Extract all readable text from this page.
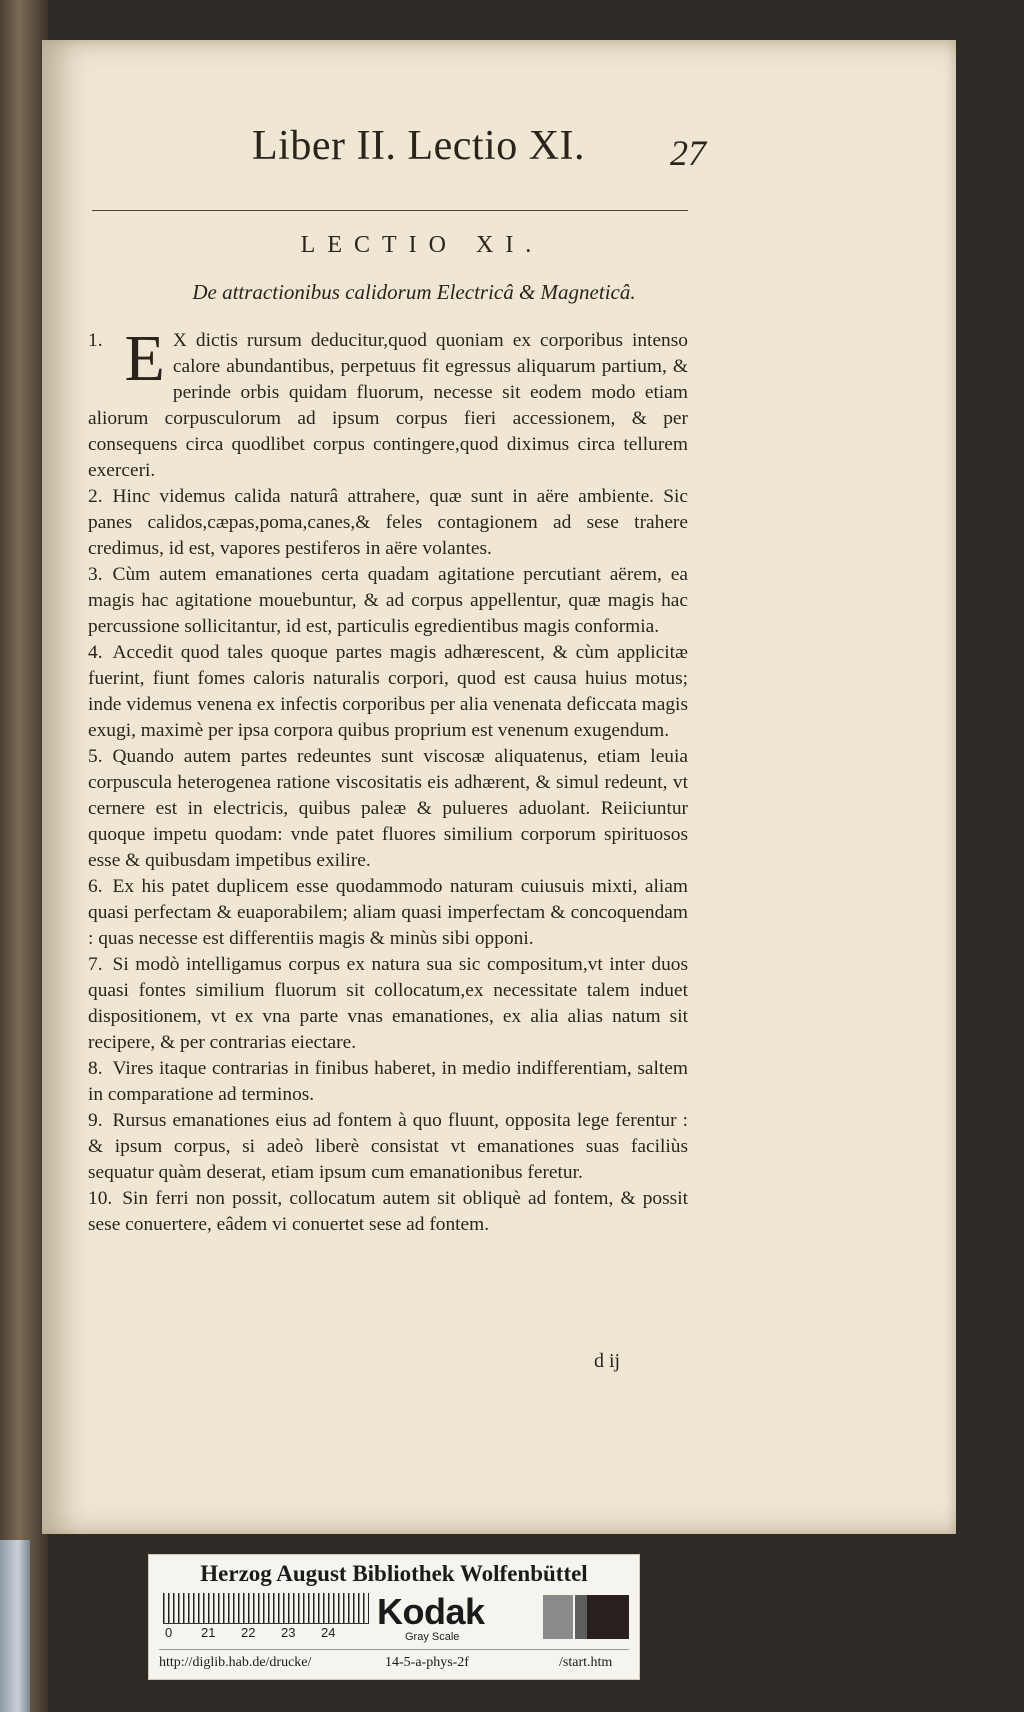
Liber II. Lectio XI. 27
LECTIO XI.
De attractionibus calidorum Electricâ & Magneticâ.

1. E X dictis rursum deducitur,quod quoniam ex corporibus intenso calore abundantibus, perpetuus fit egressus aliquarum partium, & perinde orbis quidam fluorum, necesse sit eodem modo etiam aliorum corpusculorum ad ipsum corpus fieri accessionem, & per consequens circa quodlibet corpus contingere,quod diximus circa tellurem exerceri.

2. Hinc videmus calida naturâ attrahere, quæ sunt in aëre ambiente. Sic panes calidos,cæpas,poma,canes,& feles contagionem ad sese trahere credimus, id est, vapores pestiferos in aëre volantes.

3. Cùm autem emanationes certa quadam agitatione percutiant aërem, ea magis hac agitatione mouebuntur, & ad corpus appellentur, quæ magis hac percussione sollicitantur, id est, particulis egredientibus magis conformia.

4. Accedit quod tales quoque partes magis adhærescent, & cùm applicitæ fuerint, fiunt fomes caloris naturalis corpori, quod est causa huius motus; inde videmus venena ex infectis corporibus per alia venenata deficcata magis exugi, maximè per ipsa corpora quibus proprium est venenum exugendum.

5. Quando autem partes redeuntes sunt viscosæ aliquatenus, etiam leuia corpuscula heterogenea ratione viscositatis eis adhærent, & simul redeunt, vt cernere est in electricis, quibus paleæ & pulueres aduolant. Reiiciuntur quoque impetu quodam: vnde patet fluores similium corporum spirituosos esse & quibusdam impetibus exilire.

6. Ex his patet duplicem esse quodammodo naturam cuiusuis mixti, aliam quasi perfectam & euaporabilem; aliam quasi imperfectam & concoquendam : quas necesse est differentiis magis & minùs sibi opponi.

7. Si modò intelligamus corpus ex natura sua sic compositum,vt inter duos quasi fontes similium fluorum sit collocatum,ex necessitate talem induet dispositionem, vt ex vna parte vnas emanationes, ex alia alias natum sit recipere, & per contrarias eiectare.

8. Vires itaque contrarias in finibus haberet, in medio indifferentiam, saltem in comparatione ad terminos.

9. Rursus emanationes eius ad fontem à quo fluunt, opposita lege ferentur : & ipsum corpus, si adeò liberè consistat vt emanationes suas faciliùs sequatur quàm deserat, etiam ipsum cum emanationibus feretur.

10. Sin ferri non possit, collocatum autem sit obliquè ad fontem, & possit sese conuertere, eâdem vi conuertet sese ad fontem.

d ij
Herzog August Bibliothek Wolfenbüttel
0 21 22 23 24
Kodak
Gray Scale
http://diglib.hab.de/drucke/	14-5-a-phys-2f	/start.htm
